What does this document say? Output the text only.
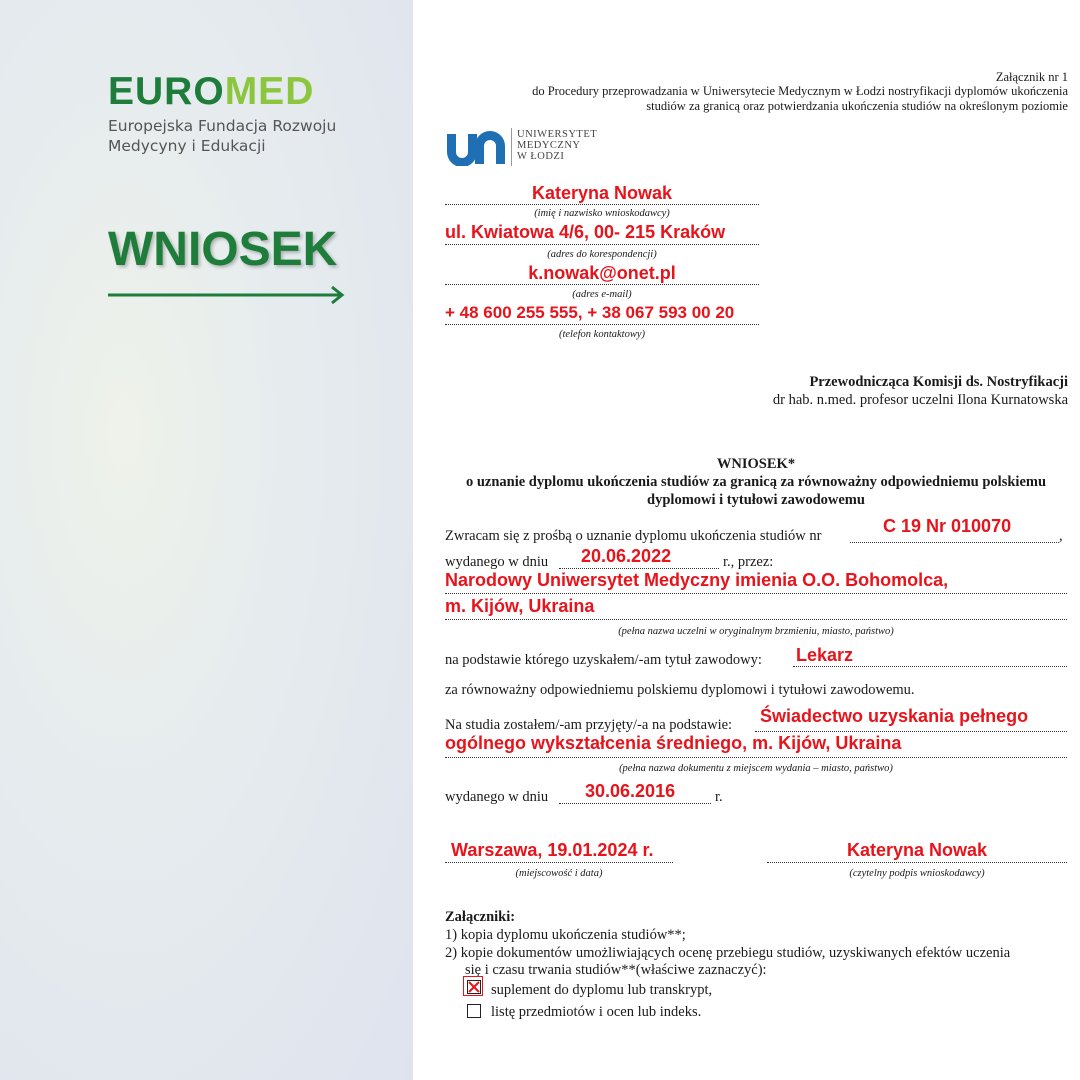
EUROMED
Europejska Fundacja Rozwoju
Medycyny i Edukacji
WNIOSEK
Załącznik nr 1
do Procedury przeprowadzania w Uniwersytecie Medycznym w Łodzi nostryfikacji dyplomów ukończenia
studiów za granicą oraz potwierdzania ukończenia studiów na określonym poziomie
UNIWERSYTET
MEDYCZNY
W ŁODZI
Kateryna Nowak
(imię i nazwisko wnioskodawcy)
ul. Kwiatowa 4/6, 00- 215 Kraków
(adres do korespondencji)
k.nowak@onet.pl
(adres e-mail)
+ 48 600 255 555, + 38 067 593 00 20
(telefon kontaktowy)
Przewodnicząca Komisji ds. Nostryfikacji
dr hab. n.med. profesor uczelni Ilona Kurnatowska
WNIOSEK*
o uznanie dyplomu ukończenia studiów za granicą za równoważny odpowiedniemu polskiemu
dyplomowi i tytułowi zawodowemu
Zwracam się z prośbą o uznanie dyplomu ukończenia studiów nr	,
C 19 Nr 010070
wydanego w dniu 20.06.2022	r., przez:
Narodowy Uniwersytet Medyczny imienia O.O. Bohomolca,
m. Kijów, Ukraina
(pełna nazwa uczelni w oryginalnym brzmieniu, miasto, państwo)
na podstawie którego uzyskałem/-am tytuł zawodowy: Lekarz
za równoważny odpowiedniemu polskiemu dyplomowi i tytułowi zawodowemu.
Na studia zostałem/-am przyjęty/-a na podstawie: Świadectwo uzyskania pełnego
ogólnego wykształcenia średniego, m. Kijów, Ukraina
(pełna nazwa dokumentu z miejscem wydania – miasto, państwo)
wydanego w dniu 30.06.2016	r.
Warszawa, 19.01.2024 r.
(miejscowość i data)
Kateryna Nowak
(czytelny podpis wnioskodawcy)
Załączniki:
1) kopia dyplomu ukończenia studiów**;
2) kopie dokumentów umożliwiających ocenę przebiegu studiów, uzyskiwanych efektów uczenia
się i czasu trwania studiów**(właściwe zaznaczyć):
suplement do dyplomu lub transkrypt,
listę przedmiotów i ocen lub indeks.
